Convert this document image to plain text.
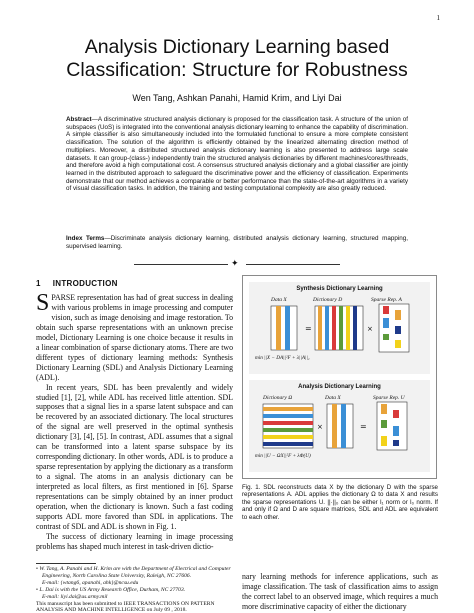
1
Analysis Dictionary Learning based
Classification: Structure for Robustness
Wen Tang, Ashkan Panahi, Hamid Krim, and Liyi Dai
Abstract—A discriminative structured analysis dictionary is proposed for the classification task. A structure of the union of subspaces (UoS) is integrated into the conventional analysis dictionary learning to enhance the capability of discrimination. A simple classifier is also simultaneously included into the formulated functional to ensure a more complete consistent classification. The solution of the algorithm is efficiently obtained by the linearized alternating direction method of multipliers. Moreover, a distributed structured analysis dictionary learning is also presented to address large scale datasets. It can group-(class-) independently train the structured analysis dictionaries by different machines/cores/threads, and therefore avoid a high computational cost. A consensus structured analysis dictionary and a global classifier are jointly learned in the distributed approach to safeguard the discriminative power and the efficiency of classification. Experiments demonstrate that our method achieves a comparable or better performance than the state-of-the-art algorithms in a variety of visual classification tasks. In addition, the training and testing computational complexity are also greatly reduced.
Index Terms—Discriminate analysis dictionary learning, distributed analysis dictionary learning, structured mapping, supervised learning.
✦
1 INTRODUCTION

SPARSE representation has had of great success in dealing with various problems in image processing and computer vision, such as image denoising and image restoration. To obtain such sparse representations with an unknown precise model, Dictionary Learning is one choice because it results in a linear combination of sparse dictionary atoms. There are two different types of dictionary learning methods: Synthesis Dictionary Learning (SDL) and Analysis Dictionary Learning (ADL).

In recent years, SDL has been prevalently and widely studied [1], [2], while ADL has received little attention. SDL supposes that a signal lies in a sparse latent subspace and can be recovered by an associated dictionary. The local structures of the signal are well preserved in the optimal synthesis dictionary [3], [4], [5]. In contrast, ADL assumes that a signal can be transformed into a latent sparse subspace by its corresponding dictionary. In other words, ADL is to produce a sparse representation by applying the dictionary as a transform to a signal. The atoms in an analysis dictionary can be interpreted as local filters, as first mentioned in [6]. Sparse representations can be simply obtained by an inner product operation, when the dictionary is known. Such a fast coding supports ADL more favored than SDL in applications. The contrast of SDL and ADL is shown in Fig. 1.

The success of dictionary learning in image processing problems has shaped much interest in task-driven dictio-

• W. Tang, A. Panahi and H. Krim are with the Department of Electrical and Computer Engineering, North Carolina State University, Raleigh, NC 27606.
E-mail: {wtang6, apanahi, ahk}@ncsu.edu
• L. Dai is with the US Army Research Office, Durham, NC 27703.
E-mail: liyi.dai@us.army.mil
This manuscript has been submitted to IEEE TRANSACTIONS ON PATTERN ANALYSIS AND MACHINE INTELLIGENCE on July 09 , 2018.
Synthesis Dictionary Learning
Data X	Dictionary D	Sparse Rep. A
=	×
min ||X − DA||²F + λ||A||₁
Analysis Dictionary Learning
Dictionary Ω	Data X	Sparse Rep. U
×	=
min ||U − ΩX||²F + λΦ(U)
Fig. 1. SDL reconstructs data X by the dictionary D with the sparse representations A. ADL applies the dictionary Ω to data X and results the sparse representations U. ||·||₀ can be either l₁ norm or l₀ norm. If and only if Ω and D are square matrices, SDL and ADL are equivalent to each other.

nary learning methods for inference applications, such as image classification. The task of classification aims to assign the correct label to an observed image, which requires a much more discriminative capacity of either the dictionary
